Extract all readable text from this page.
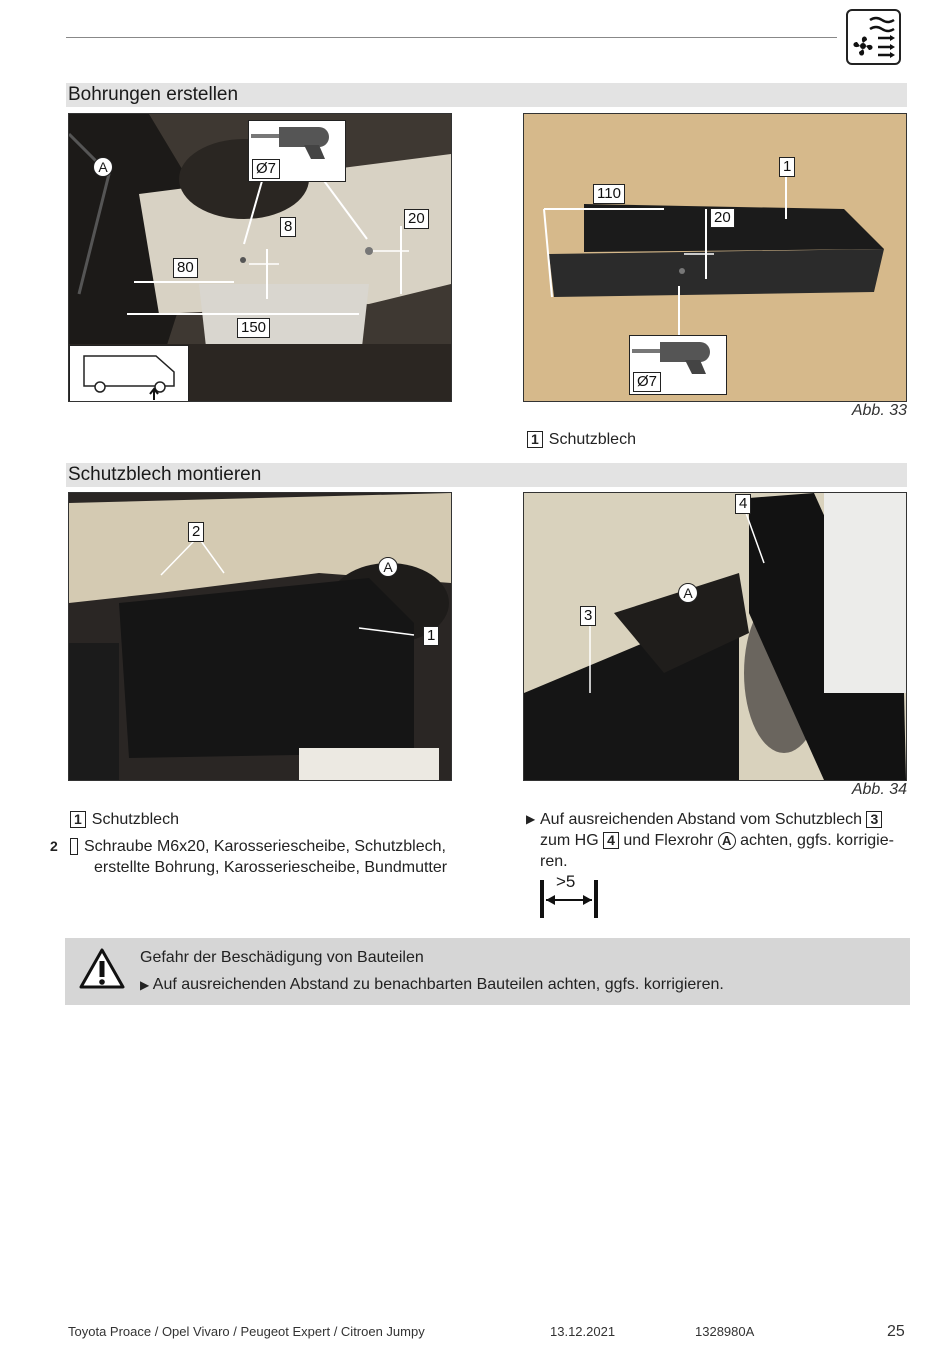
Bohrungen erstellen
A	Ø7
8	20
80
150
110
20
1
Ø7
Abb. 33
1 Schutzblech
Schutzblech montieren
2
A
1
4
A
3
Abb. 34
1 Schutzblech
2 Schraube M6x20, Karosseriescheibe, Schutzblech, erstellte Bohrung, Karosseriescheibe, Bundmutter
▶ Auf ausreichenden Abstand vom Schutzblech 3 zum HG 4 und Flexrohr A achten, ggfs. korrigie-ren.
>5
Gefahr der Beschädigung von Bauteilen
▶ Auf ausreichenden Abstand zu benachbarten Bauteilen achten, ggfs. korrigieren.
Toyota Proace / Opel Vivaro / Peugeot Expert / Citroen Jumpy	13.12.2021	1328980A	25
